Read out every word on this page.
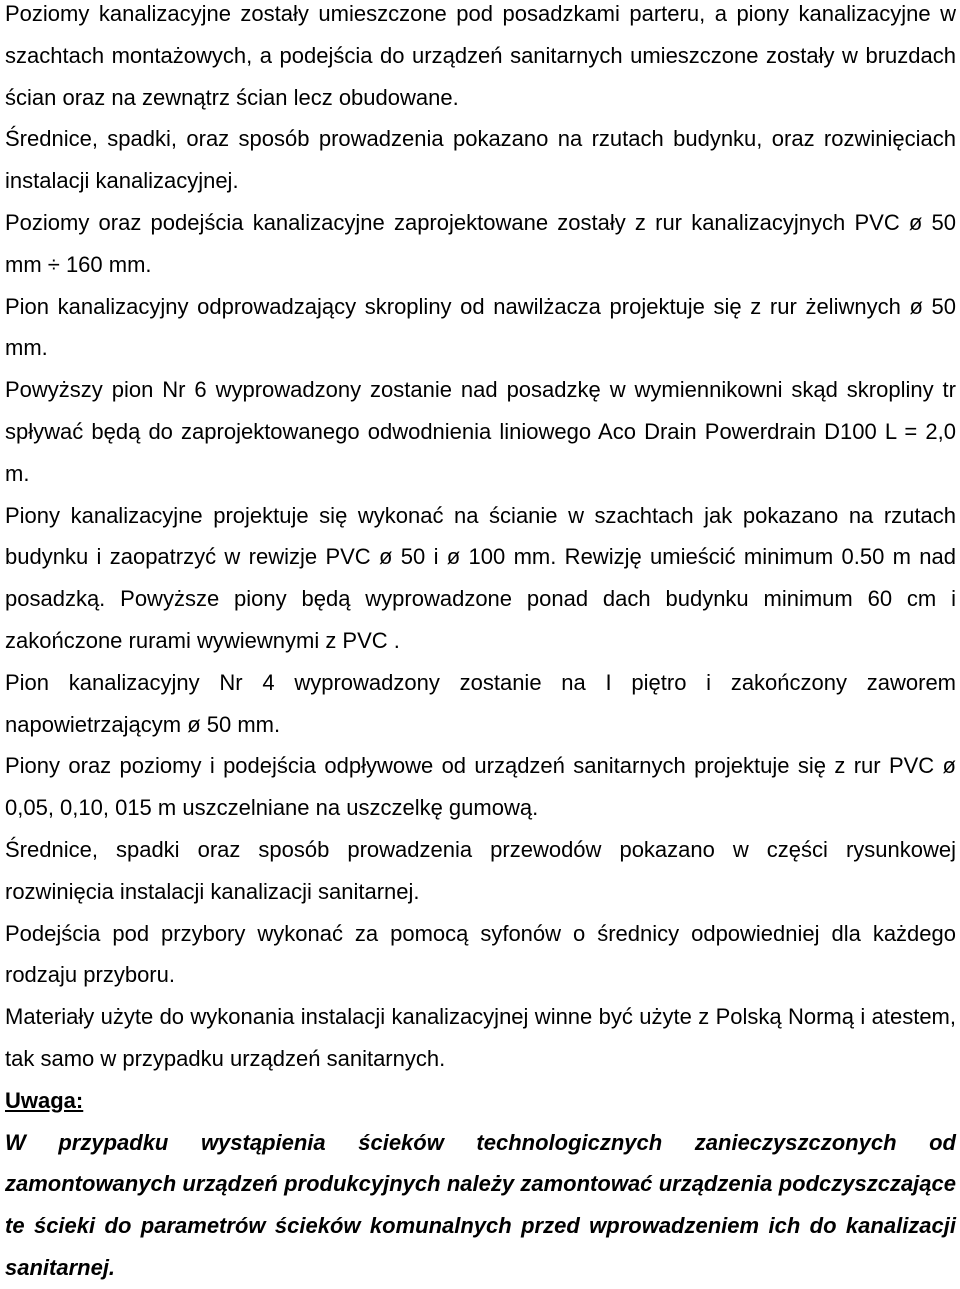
Poziomy kanalizacyjne zostały umieszczone pod posadzkami parteru, a piony kanalizacyjne w szachtach montażowych, a podejścia do urządzeń sanitarnych umieszczone zostały w bruzdach ścian oraz na zewnątrz ścian lecz obudowane.

Średnice, spadki, oraz sposób prowadzenia pokazano na rzutach budynku, oraz rozwinięciach instalacji kanalizacyjnej.

Poziomy oraz podejścia kanalizacyjne zaprojektowane zostały z rur kanalizacyjnych PVC ø 50 mm ÷ 160 mm.

Pion kanalizacyjny odprowadzający skropliny od nawilżacza projektuje się z rur żeliwnych ø 50 mm.

Powyższy pion Nr 6 wyprowadzony zostanie nad posadzkę w wymiennikowni skąd skropliny tr spływać będą do zaprojektowanego odwodnienia liniowego Aco Drain Powerdrain D100 L = 2,0 m.

Piony kanalizacyjne projektuje się wykonać na ścianie w szachtach jak pokazano na rzutach budynku i zaopatrzyć w rewizje PVC ø 50 i ø 100 mm. Rewizję umieścić minimum 0.50 m nad posadzką. Powyższe piony będą wyprowadzone ponad dach budynku minimum 60 cm i zakończone rurami wywiewnymi z PVC .

Pion kanalizacyjny Nr 4 wyprowadzony zostanie na I piętro i zakończony zaworem napowietrzającym ø 50 mm.

Piony oraz poziomy i podejścia odpływowe od urządzeń sanitarnych projektuje się z rur PVC ø 0,05, 0,10, 015 m uszczelniane na uszczelkę gumową.

Średnice, spadki oraz sposób prowadzenia przewodów pokazano w części rysunkowej rozwinięcia instalacji kanalizacji sanitarnej.

Podejścia pod przybory wykonać za pomocą syfonów o średnicy odpowiedniej dla każdego rodzaju przyboru.

Materiały użyte do wykonania instalacji kanalizacyjnej winne być użyte z Polską Normą i atestem, tak samo w przypadku urządzeń sanitarnych.

Uwaga:

W przypadku wystąpienia ścieków technologicznych zanieczyszczonych od zamontowanych urządzeń produkcyjnych należy zamontować urządzenia podczyszczające te ścieki do parametrów ścieków komunalnych przed wprowadzeniem ich do kanalizacji sanitarnej.
